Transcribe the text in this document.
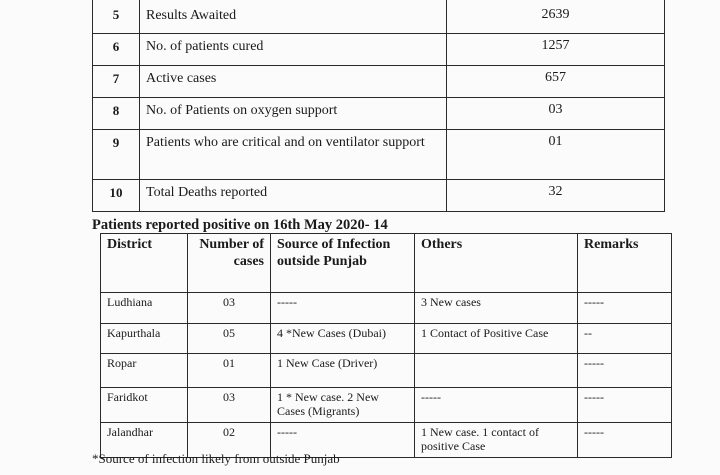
5	Results Awaited	2639
6	No. of patients cured	1257
7	Active cases	657
8	No. of Patients on oxygen support	03
9	Patients who are critical and on ventilator support	01
10	Total Deaths reported	32

Patients reported positive on 16th May 2020- 14

District	Number of cases	Source of Infection outside Punjab	Others	Remarks
Ludhiana	03	-----	3 New cases	-----
Kapurthala	05	4 *New Cases (Dubai)	1 Contact of Positive Case	--
Ropar	01	1 New Case (Driver)		-----
Faridkot	03	1 * New case. 2 New Cases (Migrants)	-----	-----
Jalandhar	02	-----	1 New case. 1 contact of positive Case	-----

*Source of infection likely from outside Punjab
